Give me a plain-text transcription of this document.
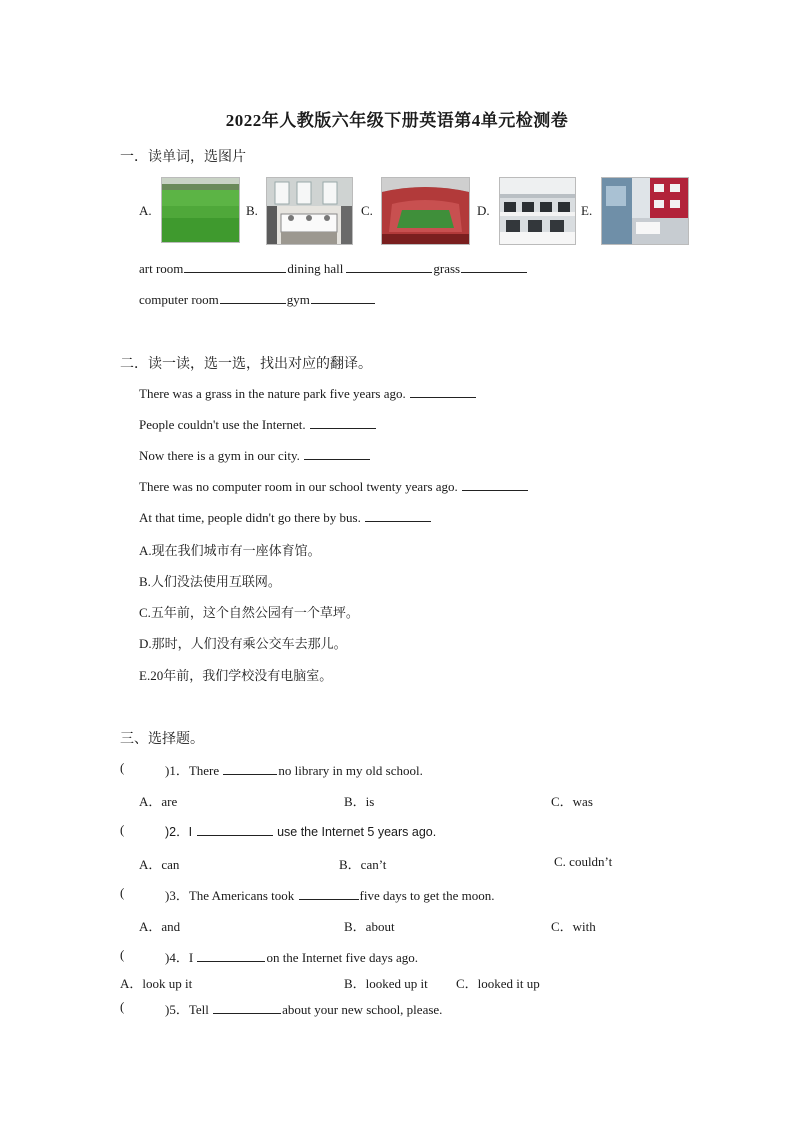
2022年人教版六年级下册英语第4单元检测卷
一．读单词，选图片
A.	B.	C.	D.	E.
art room	dining hall	grass
computer room	gym
二．读一读，选一选，找出对应的翻译。
There was a grass in the nature park five years ago.
People couldn't use the Internet.
Now there is a gym in our city.
There was no computer room in our school twenty years ago.
At that time, people didn't go there by bus.
A.现在我们城市有一座体育馆。
B.人们没法使用互联网。
C.五年前，这个自然公园有一个草坪。
D.那时，人们没有乘公交车去那儿。
E.20年前，我们学校没有电脑室。
三、选择题。
(	)1．There	no library in my old school.
A．are	B．is	C．was
(	)2．I	use the Internet 5 years ago.
A．can	B．can’t	C. couldn’t
(	)3．The Americans took	five days to get the moon.
A．and	B．about	C．with
(	)4．I	on the Internet five days ago.
A．look up it	B．looked up it C．looked it up
(	)5．Tell	about your new school, please.
